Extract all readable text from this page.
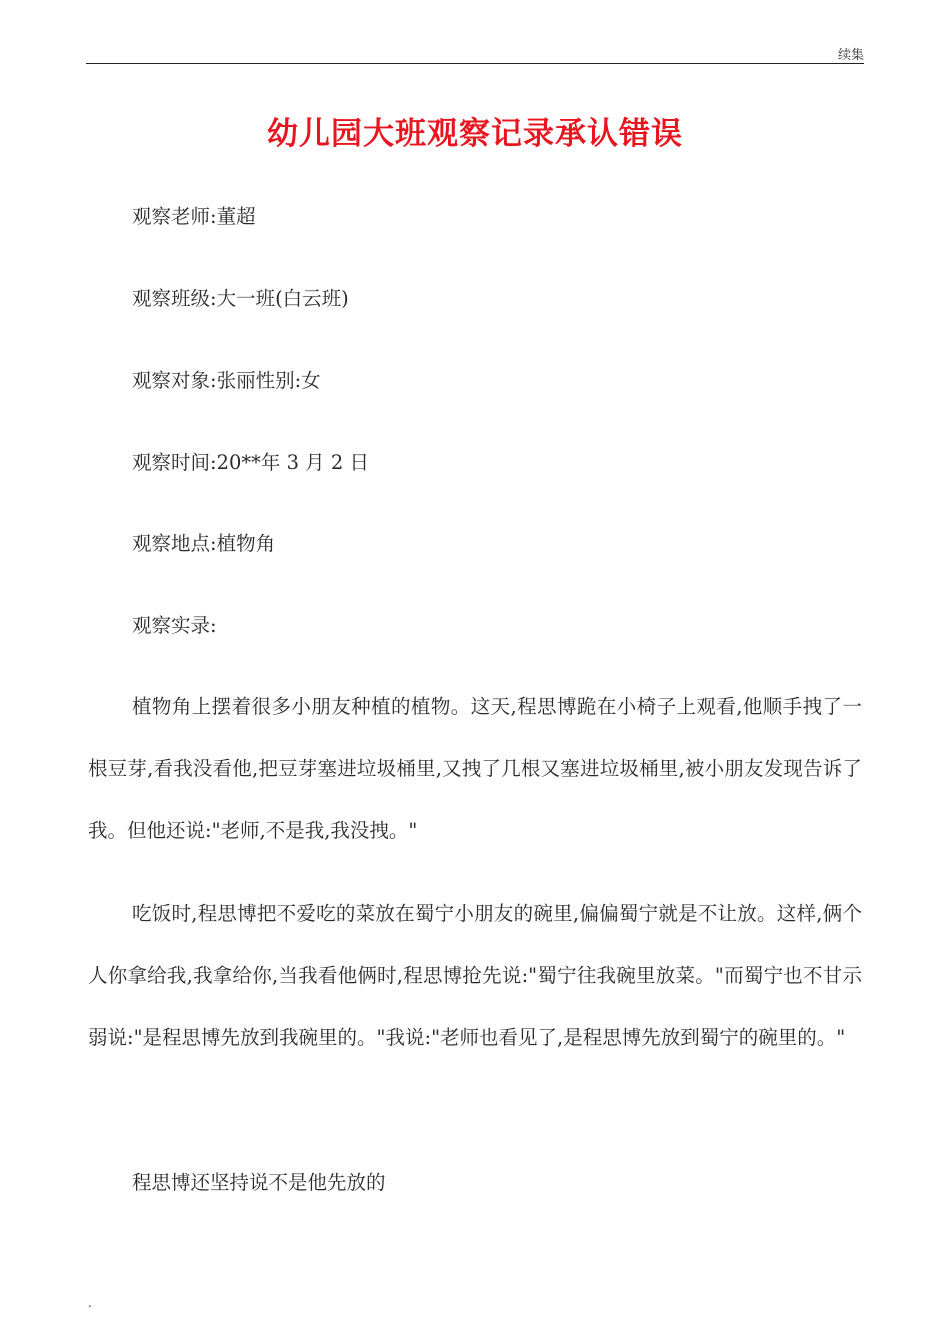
续集
幼儿园大班观察记录承认错误
观察老师:董超
观察班级:大一班(白云班)
观察对象:张丽性别:女
观察时间:20**年 3 月 2 日
观察地点:植物角
观察实录:

植物角上摆着很多小朋友种植的植物。这天,程思博跪在小椅子上观看,他顺手拽了一根豆芽,看我没看他,把豆芽塞进垃圾桶里,又拽了几根又塞进垃圾桶里,被小朋友发现告诉了我。但他还说:"老师,不是我,我没拽。"

吃饭时,程思博把不爱吃的菜放在蜀宁小朋友的碗里,偏偏蜀宁就是不让放。这样,俩个人你拿给我,我拿给你,当我看他俩时,程思博抢先说:"蜀宁往我碗里放菜。"而蜀宁也不甘示弱说:"是程思博先放到我碗里的。"我说:"老师也看见了,是程思博先放到蜀宁的碗里的。"

程思博还坚持说不是他先放的

.
